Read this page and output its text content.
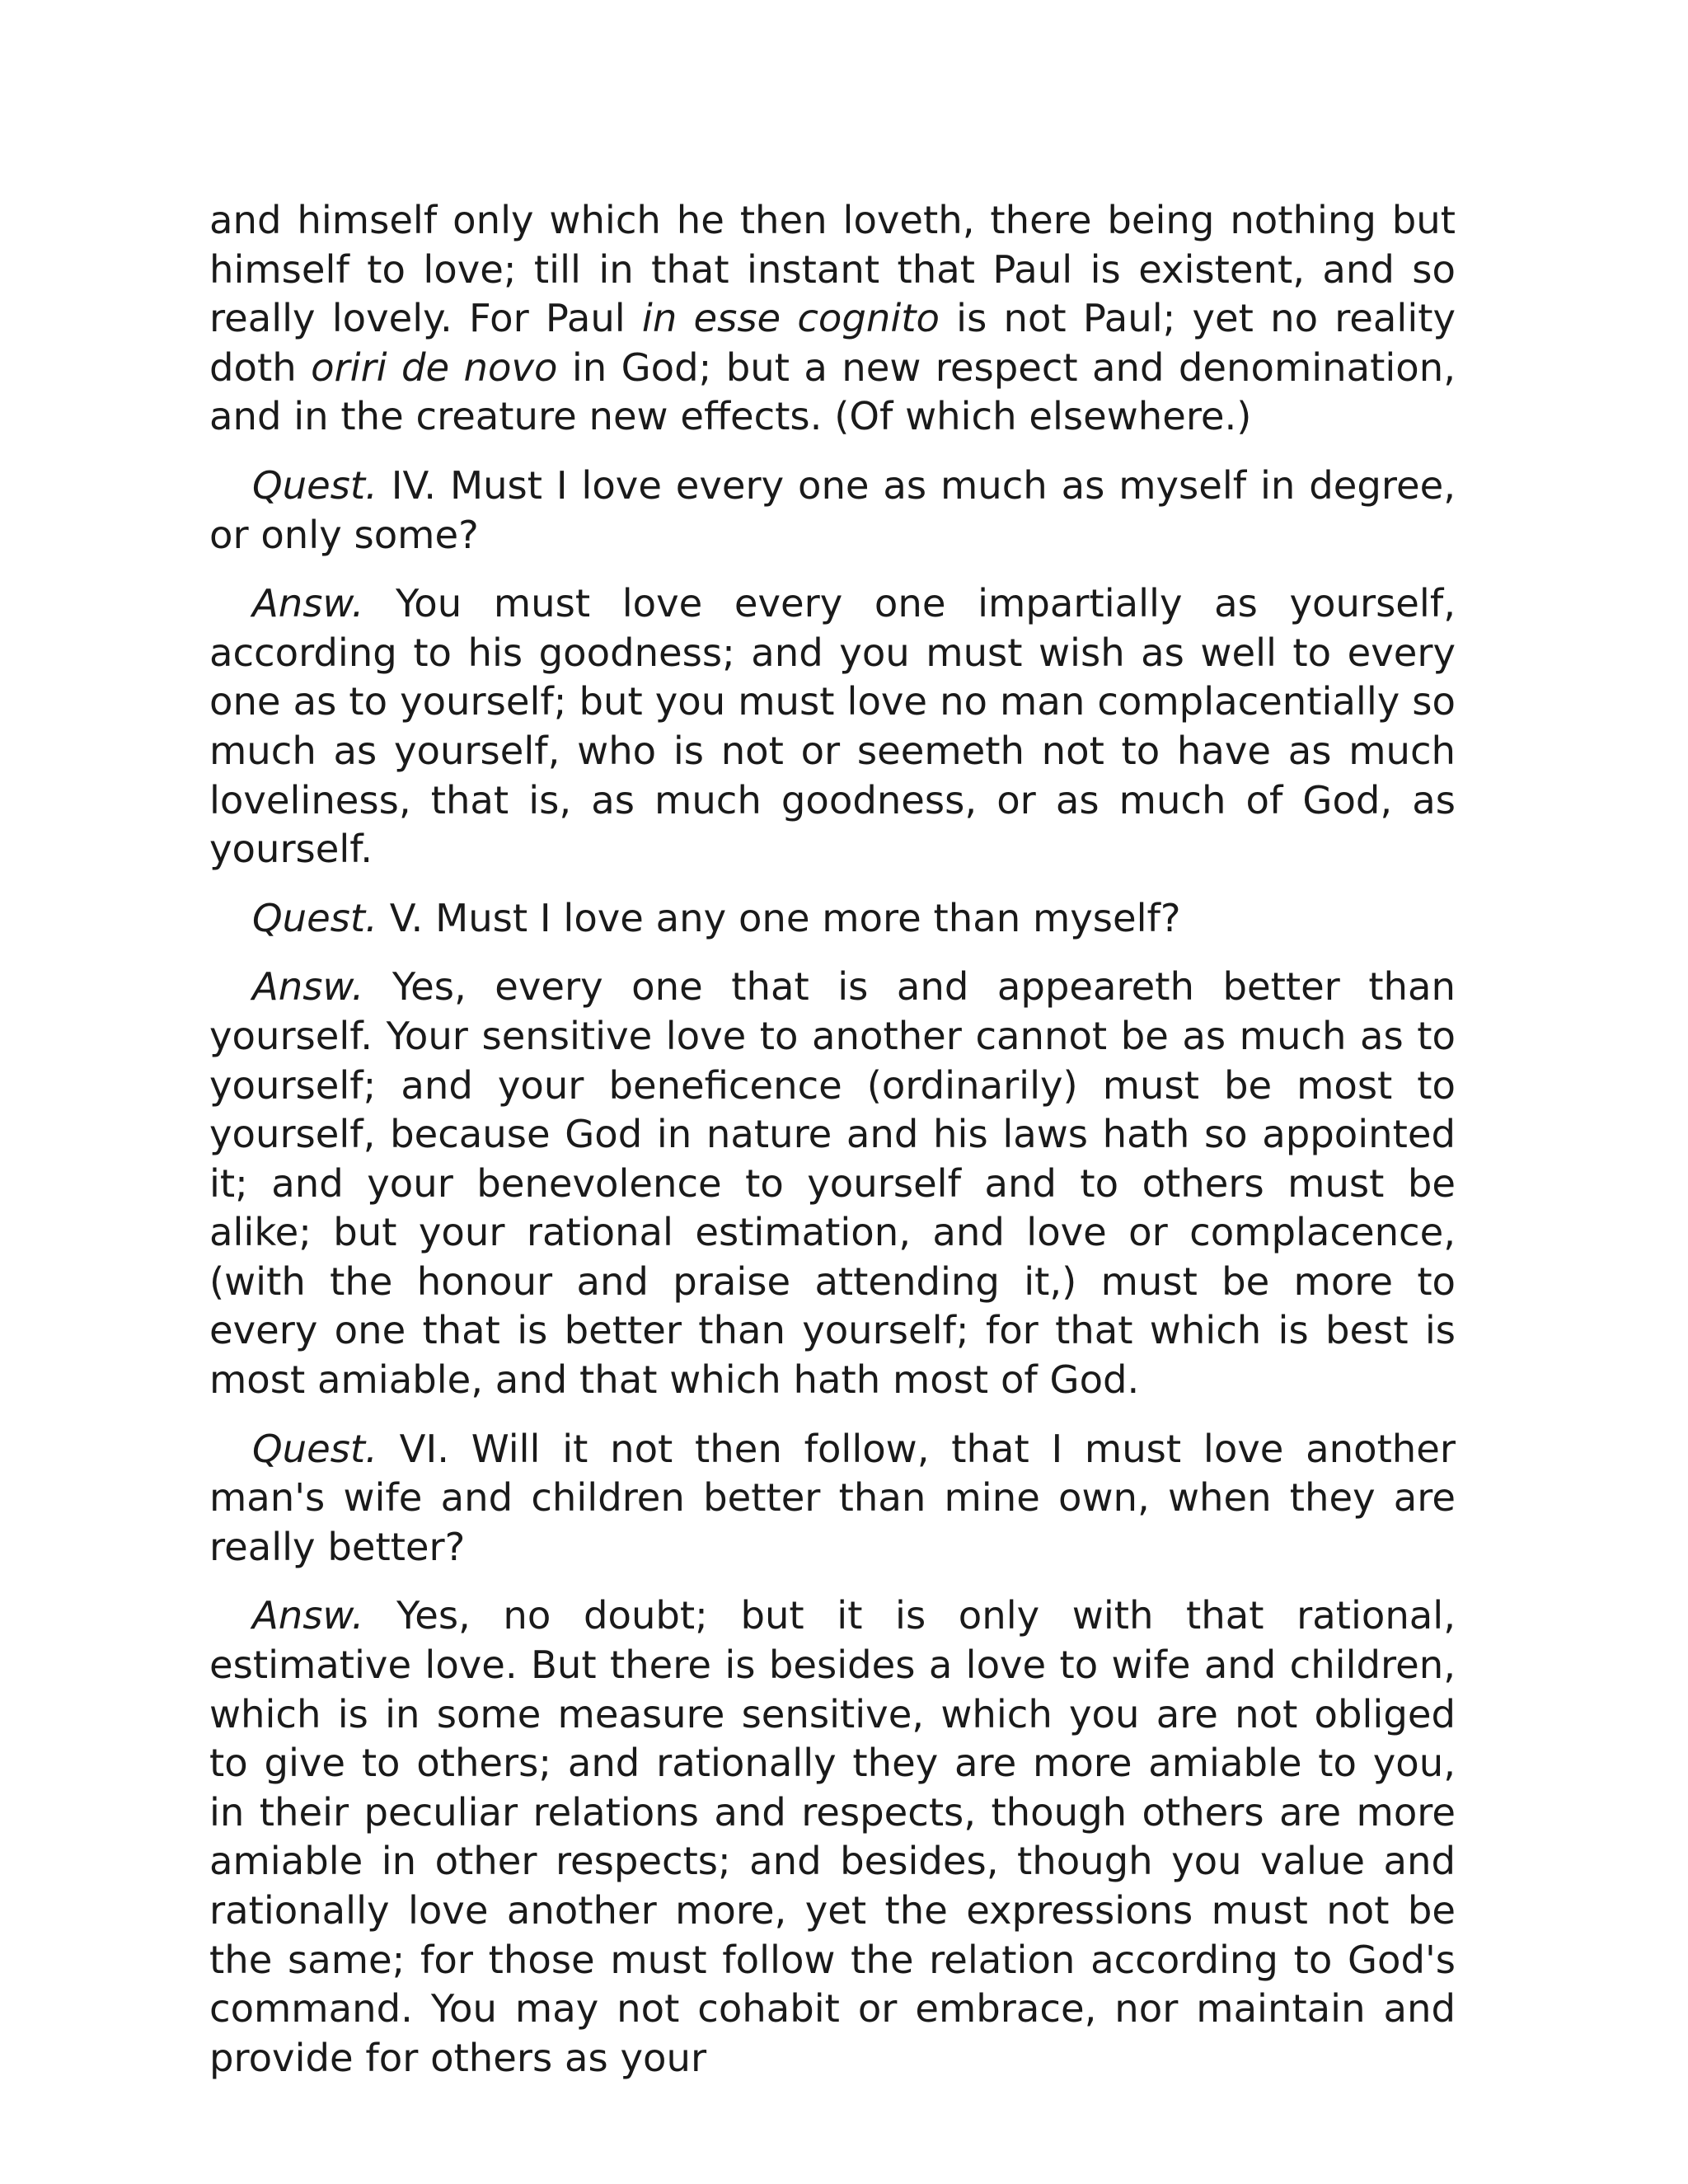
and himself only which he then loveth, there being nothing but himself to love; till in that instant that Paul is existent, and so really lovely. For Paul in esse cognito is not Paul; yet no reality doth oriri de novo in God; but a new respect and denomination, and in the creature new effects. (Of which elsewhere.)

Quest. IV. Must I love every one as much as myself in degree, or only some?

Answ. You must love every one impartially as yourself, according to his goodness; and you must wish as well to every one as to yourself; but you must love no man complacentially so much as yourself, who is not or seemeth not to have as much loveliness, that is, as much goodness, or as much of God, as yourself.

Quest. V. Must I love any one more than myself?

Answ. Yes, every one that is and appeareth better than yourself. Your sensitive love to another cannot be as much as to yourself; and your beneficence (ordinarily) must be most to yourself, because God in nature and his laws hath so appointed it; and your benevolence to yourself and to others must be alike; but your rational estimation, and love or complacence, (with the honour and praise attending it,) must be more to every one that is better than yourself; for that which is best is most amiable, and that which hath most of God.

Quest. VI. Will it not then follow, that I must love another man's wife and children better than mine own, when they are really better?

Answ. Yes, no doubt; but it is only with that rational, estimative love. But there is besides a love to wife and children, which is in some measure sensitive, which you are not obliged to give to others; and rationally they are more amiable to you, in their peculiar relations and respects, though others are more amiable in other respects; and besides, though you value and rationally love another more, yet the expressions must not be the same; for those must follow the relation according to God's command. You may not cohabit or embrace, nor maintain and provide for others as your
